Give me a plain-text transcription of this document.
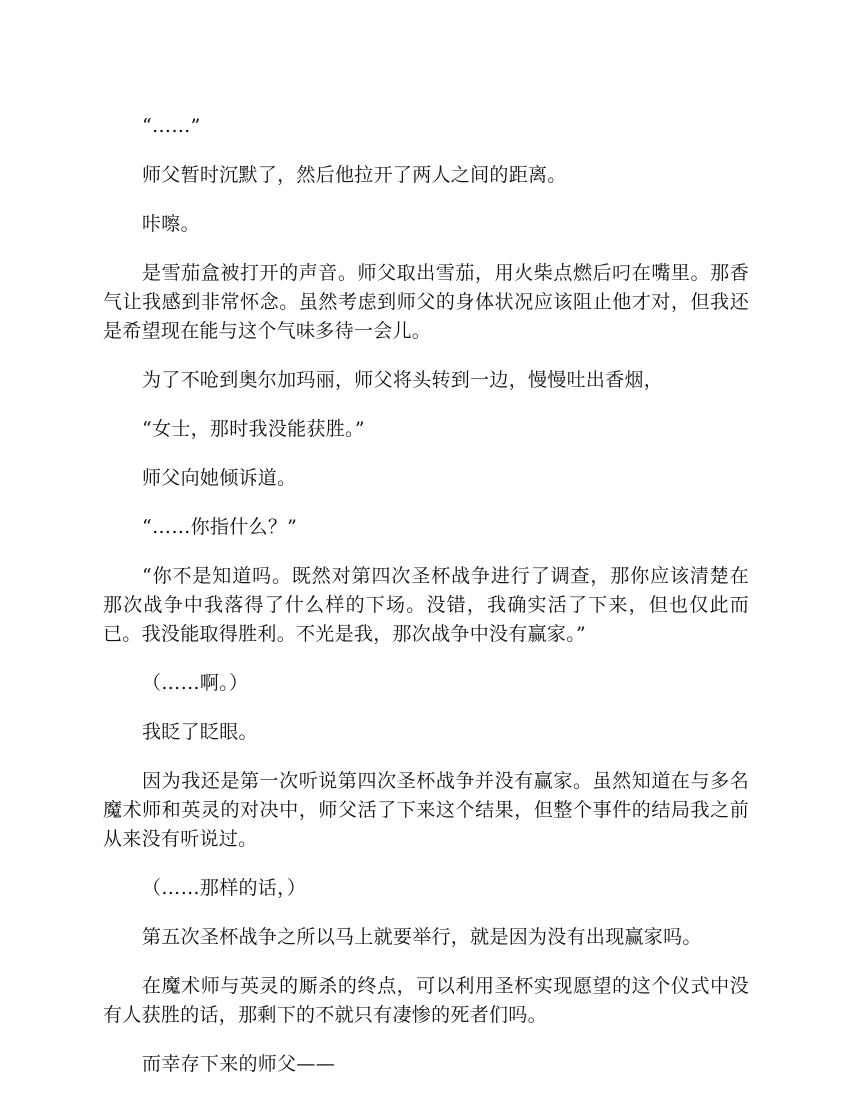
“……”

师父暂时沉默了，然后他拉开了两人之间的距离。

咔嚓。

是雪茄盒被打开的声音。师父取出雪茄，用火柴点燃后叼在嘴里。那香气让我感到非常怀念。虽然考虑到师父的身体状况应该阻止他才对，但我还是希望现在能与这个气味多待一会儿。

为了不呛到奥尔加玛丽，师父将头转到一边，慢慢吐出香烟，

“女士，那时我没能获胜。”

师父向她倾诉道。

“……你指什么？”

“你不是知道吗。既然对第四次圣杯战争进行了调查，那你应该清楚在那次战争中我落得了什么样的下场。没错，我确实活了下来，但也仅此而已。我没能取得胜利。不光是我，那次战争中没有赢家。”

（……啊。）

我眨了眨眼。

因为我还是第一次听说第四次圣杯战争并没有赢家。虽然知道在与多名魔术师和英灵的对决中，师父活了下来这个结果，但整个事件的结局我之前从来没有听说过。

（……那样的话，）

第五次圣杯战争之所以马上就要举行，就是因为没有出现赢家吗。

在魔术师与英灵的厮杀的终点，可以利用圣杯实现愿望的这个仪式中没有人获胜的话，那剩下的不就只有凄惨的死者们吗。

而幸存下来的师父——
